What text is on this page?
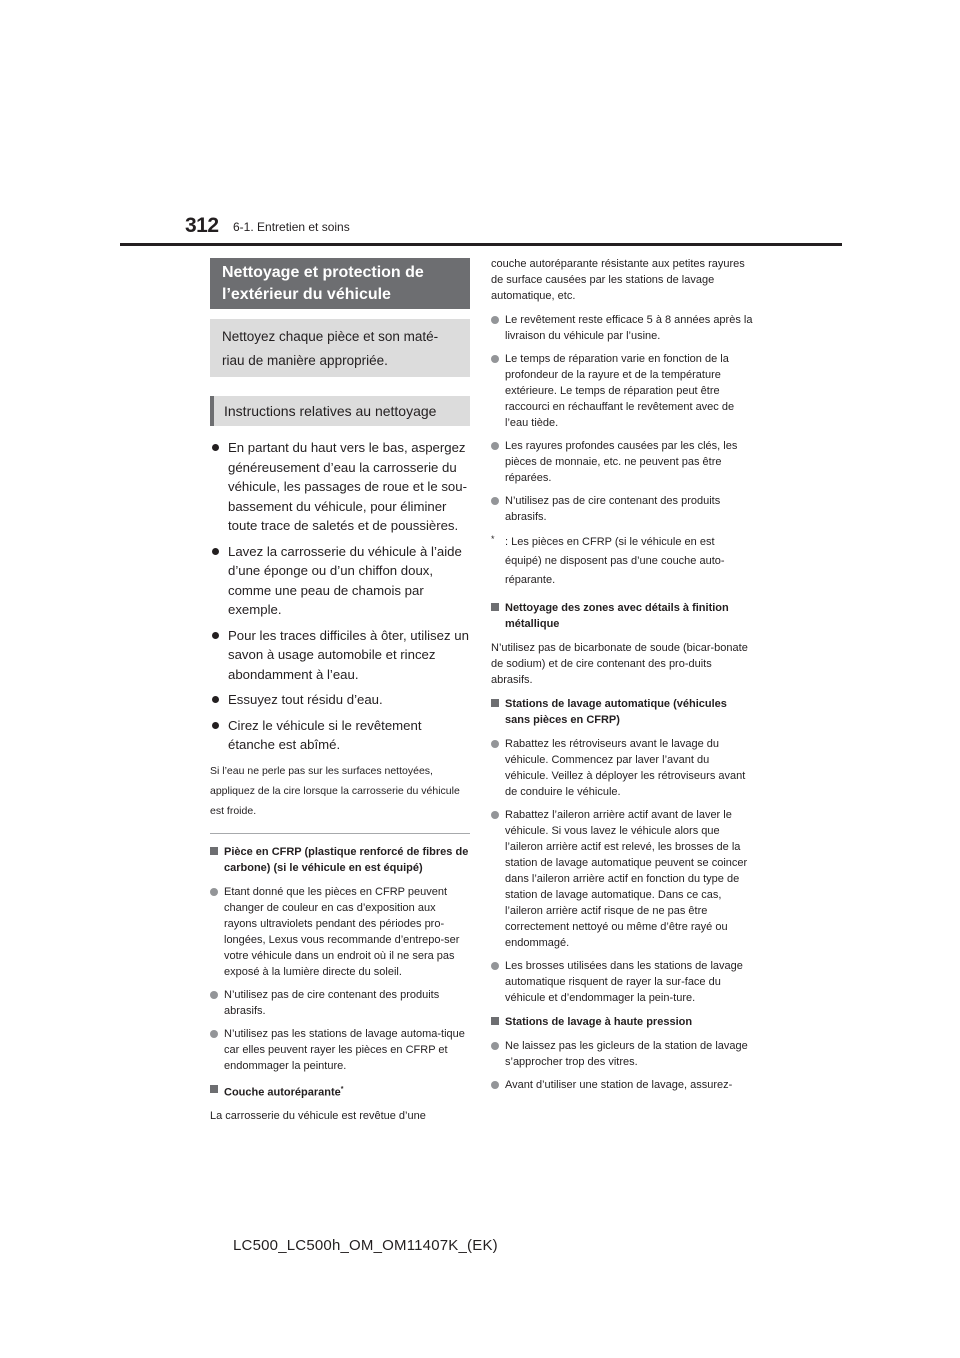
312 6-1. Entretien et soins
Nettoyage et protection de l’extérieur du véhicule
Nettoyez chaque pièce et son maté-riau de manière appropriée.
Instructions relatives au nettoyage
En partant du haut vers le bas, aspergez généreusement d’eau la carrosserie du véhicule, les passages de roue et le sou-bassement du véhicule, pour éliminer toute trace de saletés et de poussières.
Lavez la carrosserie du véhicule à l’aide d’une éponge ou d’un chiffon doux, comme une peau de chamois par exemple.
Pour les traces difficiles à ôter, utilisez un savon à usage automobile et rincez abondamment à l’eau.
Essuyez tout résidu d’eau.
Cirez le véhicule si le revêtement étanche est abîmé.
Si l’eau ne perle pas sur les surfaces nettoyées, appliquez de la cire lorsque la carrosserie du véhicule est froide.
Pièce en CFRP (plastique renforcé de fibres de carbone) (si le véhicule en est équipé)
Etant donné que les pièces en CFRP peuvent changer de couleur en cas d’exposition aux rayons ultraviolets pendant des périodes pro-longées, Lexus vous recommande d’entrepo-ser votre véhicule dans un endroit où il ne sera pas exposé à la lumière directe du soleil.
N’utilisez pas de cire contenant des produits abrasifs.
N’utilisez pas les stations de lavage automa-tique car elles peuvent rayer les pièces en CFRP et endommager la peinture.
Couche autoréparante*
La carrosserie du véhicule est revêtue d’une
couche autoréparante résistante aux petites rayures de surface causées par les stations de lavage automatique, etc.
Le revêtement reste efficace 5 à 8 années après la livraison du véhicule par l’usine.
Le temps de réparation varie en fonction de la profondeur de la rayure et de la température extérieure. Le temps de réparation peut être raccourci en réchauffant le revêtement avec de l’eau tiède.
Les rayures profondes causées par les clés, les pièces de monnaie, etc. ne peuvent pas être réparées.
N’utilisez pas de cire contenant des produits abrasifs.
* : Les pièces en CFRP (si le véhicule en est équipé) ne disposent pas d’une couche auto-réparante.
Nettoyage des zones avec détails à finition métallique
N’utilisez pas de bicarbonate de soude (bicar-bonate de sodium) et de cire contenant des pro-duits abrasifs.
Stations de lavage automatique (véhicules sans pièces en CFRP)
Rabattez les rétroviseurs avant le lavage du véhicule. Commencez par laver l’avant du véhicule. Veillez à déployer les rétroviseurs avant de conduire le véhicule.
Rabattez l’aileron arrière actif avant de laver le véhicule. Si vous lavez le véhicule alors que l’aileron arrière actif est relevé, les brosses de la station de lavage automatique peuvent se coincer dans l’aileron arrière actif en fonction du type de station de lavage automatique. Dans ce cas, l’aileron arrière actif risque de ne pas être correctement nettoyé ou même d’être rayé ou endommagé.
Les brosses utilisées dans les stations de lavage automatique risquent de rayer la sur-face du véhicule et d’endommager la pein-ture.
Stations de lavage à haute pression
Ne laissez pas les gicleurs de la station de lavage s’approcher trop des vitres.
Avant d’utiliser une station de lavage, assurez-
LC500_LC500h_OM_OM11407K_(EK)
